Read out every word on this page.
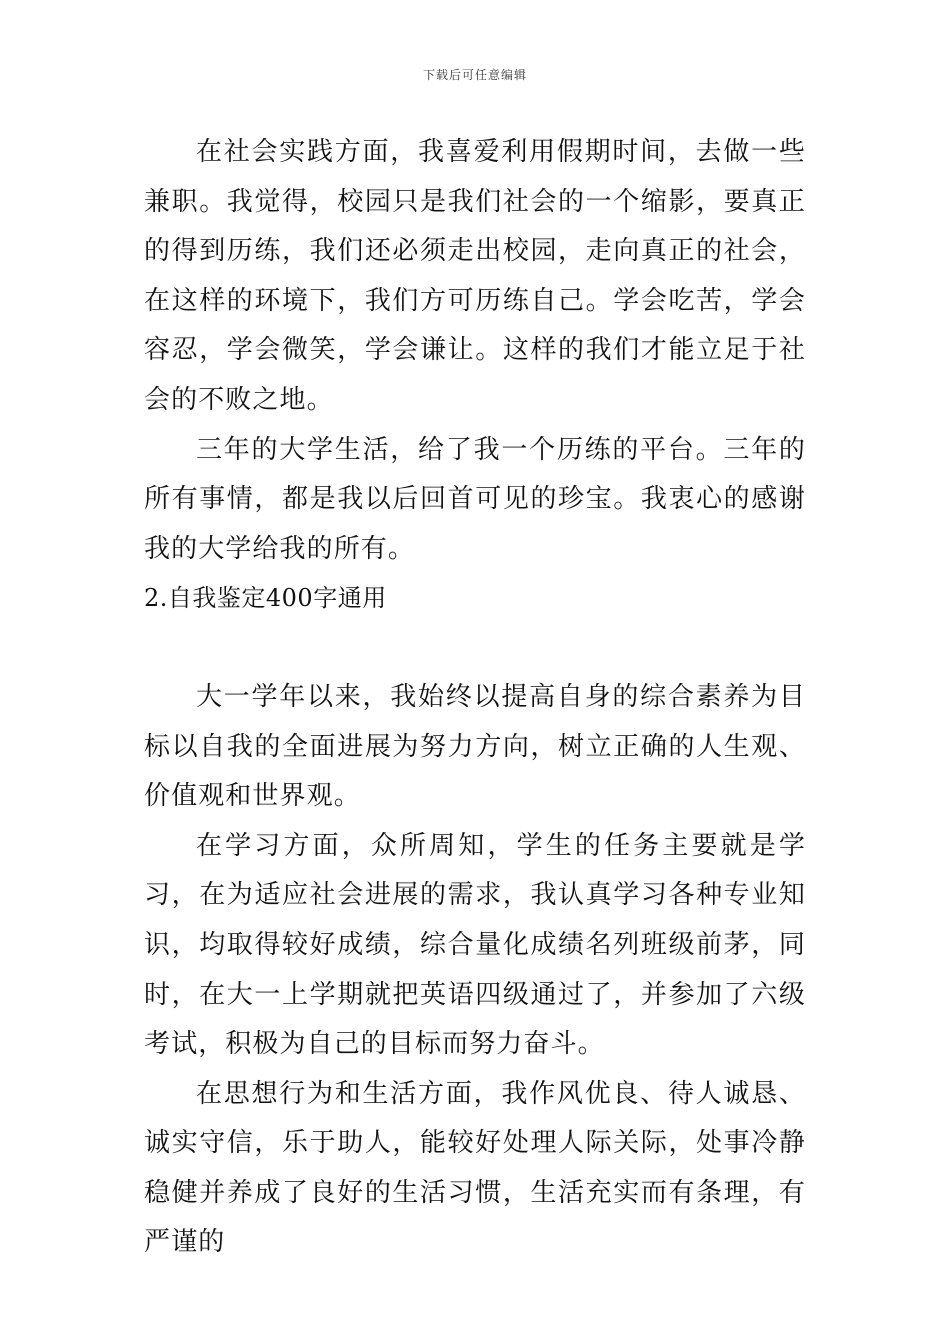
下载后可任意编辑

在社会实践方面，我喜爱利用假期时间，去做一些兼职。我觉得，校园只是我们社会的一个缩影，要真正的得到历练，我们还必须走出校园，走向真正的社会，在这样的环境下，我们方可历练自己。学会吃苦，学会容忍，学会微笑，学会谦让。这样的我们才能立足于社会的不败之地。

三年的大学生活，给了我一个历练的平台。三年的所有事情，都是我以后回首可见的珍宝。我衷心的感谢我的大学给我的所有。

2.自我鉴定400字通用

大一学年以来，我始终以提高自身的综合素养为目标以自我的全面进展为努力方向，树立正确的人生观、价值观和世界观。

在学习方面，众所周知，学生的任务主要就是学习，在为适应社会进展的需求，我认真学习各种专业知识，均取得较好成绩，综合量化成绩名列班级前茅，同时，在大一上学期就把英语四级通过了，并参加了六级考试，积极为自己的目标而努力奋斗。

在思想行为和生活方面，我作风优良、待人诚恳、诚实守信，乐于助人，能较好处理人际关际，处事冷静稳健并养成了良好的生活习惯，生活充实而有条理，有严谨的
